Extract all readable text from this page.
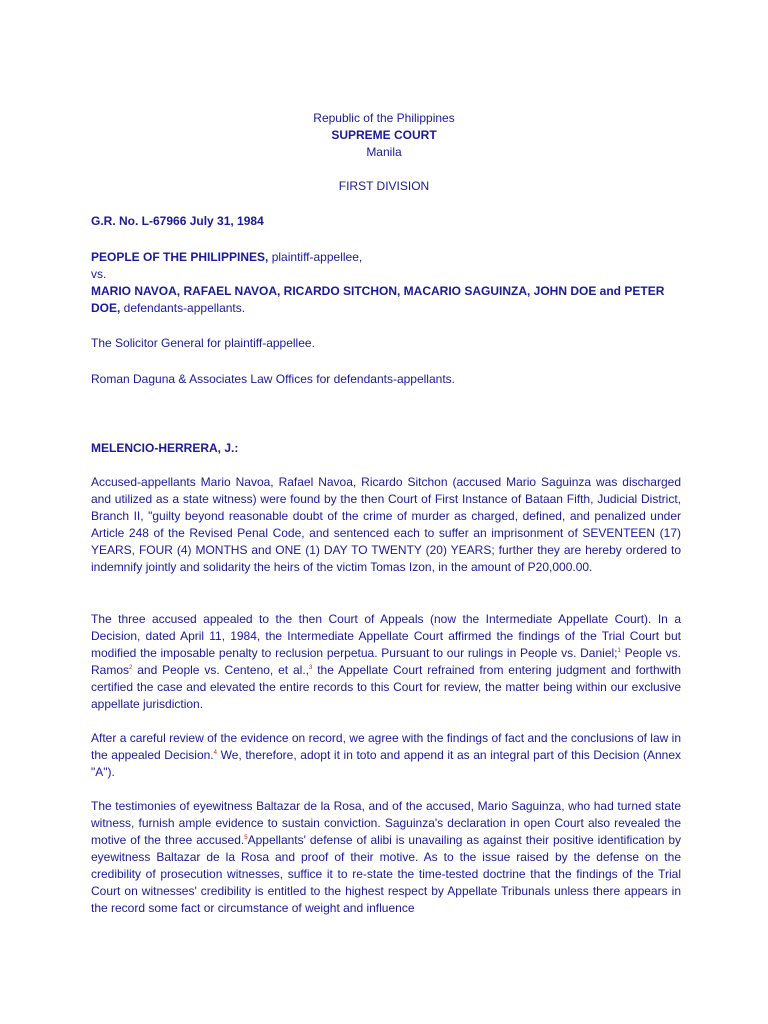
Republic of the Philippines
SUPREME COURT
Manila
FIRST DIVISION
G.R. No. L-67966 July 31, 1984
PEOPLE OF THE PHILIPPINES, plaintiff-appellee,
vs.
MARIO NAVOA, RAFAEL NAVOA, RICARDO SITCHON, MACARIO SAGUINZA, JOHN DOE and PETER DOE, defendants-appellants.
The Solicitor General for plaintiff-appellee.
Roman Daguna & Associates Law Offices for defendants-appellants.
MELENCIO-HERRERA, J.:
Accused-appellants Mario Navoa, Rafael Navoa, Ricardo Sitchon (accused Mario Saguinza was discharged and utilized as a state witness) were found by the then Court of First Instance of Bataan Fifth, Judicial District, Branch II, "guilty beyond reasonable doubt of the crime of murder as charged, defined, and penalized under Article 248 of the Revised Penal Code, and sentenced each to suffer an imprisonment of SEVENTEEN (17) YEARS, FOUR (4) MONTHS and ONE (1) DAY TO TWENTY (20) YEARS; further they are hereby ordered to indemnify jointly and solidarity the heirs of the victim Tomas Izon, in the amount of P20,000.00.
The three accused appealed to the then Court of Appeals (now the Intermediate Appellate Court). In a Decision, dated April 11, 1984, the Intermediate Appellate Court affirmed the findings of the Trial Court but modified the imposable penalty to reclusion perpetua. Pursuant to our rulings in People vs. Daniel;$^1$ People vs. Ramos$^2$ and People vs. Centeno, et al.,$^3$ the Appellate Court refrained from entering judgment and forthwith certified the case and elevated the entire records to this Court for review, the matter being within our exclusive appellate jurisdiction.
After a careful review of the evidence on record, we agree with the findings of fact and the conclusions of law in the appealed Decision.$^4$ We, therefore, adopt it in toto and append it as an integral part of this Decision (Annex "A").
The testimonies of eyewitness Baltazar de la Rosa, and of the accused, Mario Saguinza, who had turned state witness, furnish ample evidence to sustain conviction. Saguinza's declaration in open Court also revealed the motive of the three accused.$^5$Appellants' defense of alibi is unavailing as against their positive identification by eyewitness Baltazar de la Rosa and proof of their motive. As to the issue raised by the defense on the credibility of prosecution witnesses, suffice it to re-state the time-tested doctrine that the findings of the Trial Court on witnesses' credibility is entitled to the highest respect by Appellate Tribunals unless there appears in the record some fact or circumstance of weight and influence
